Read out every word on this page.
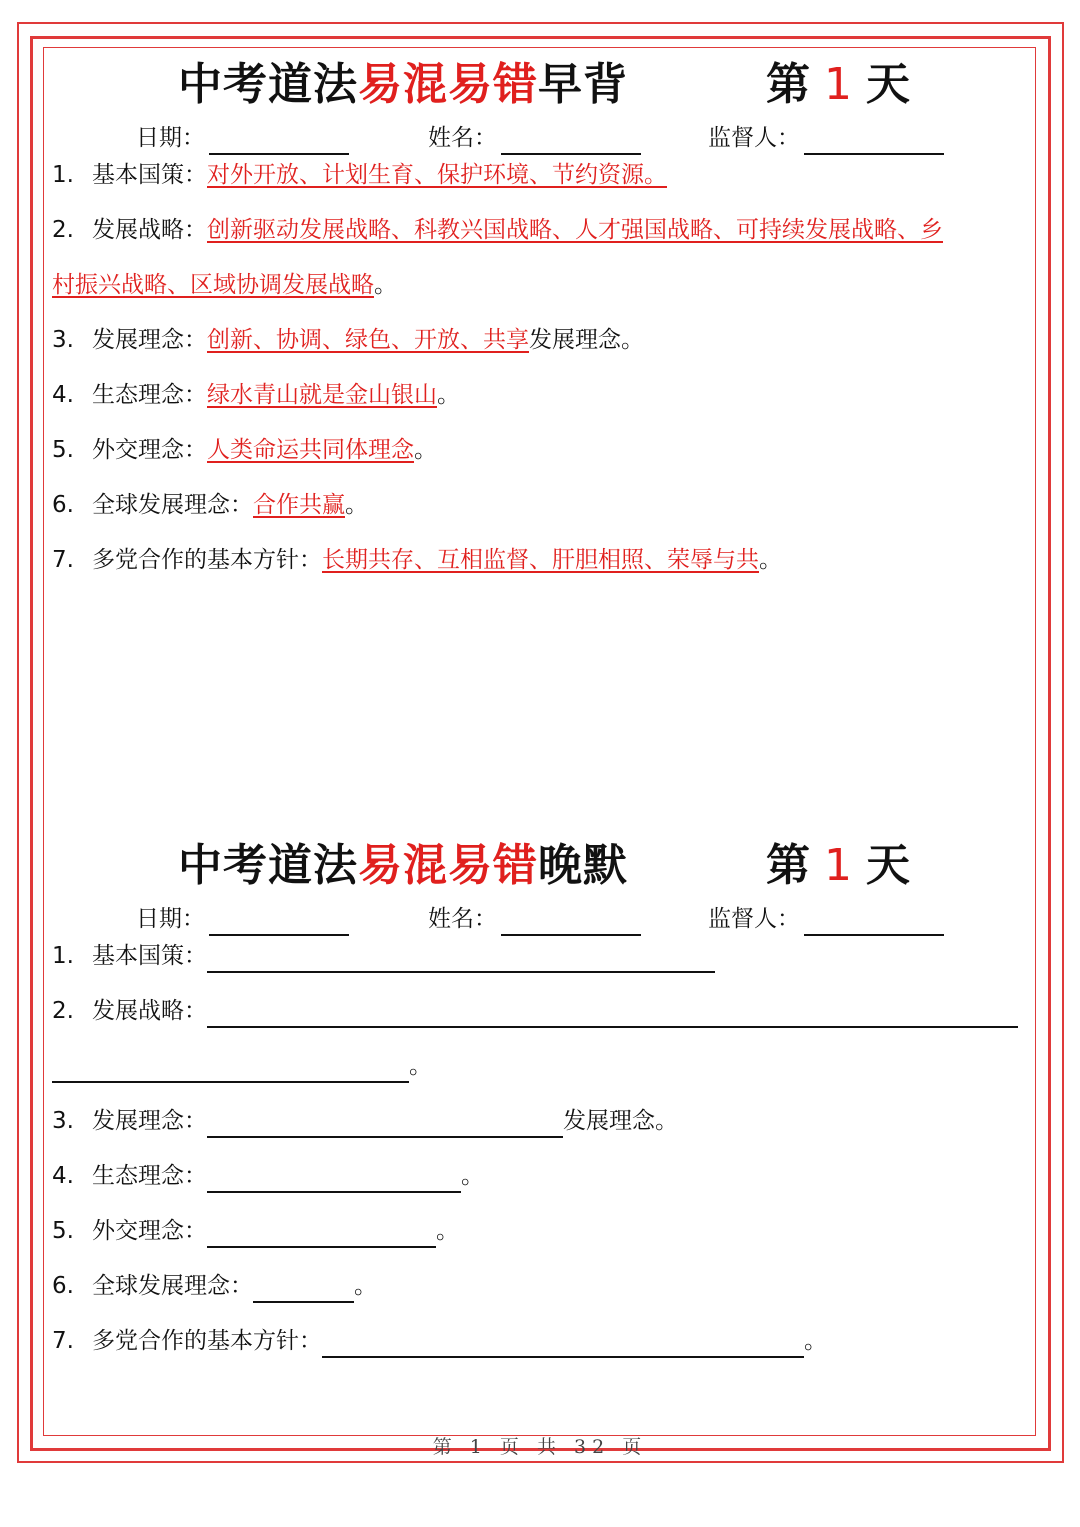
中考道法易混易错早背	第 1 天
日期：	姓名：	监督人：
1. 基本国策：对外开放、计划生育、保护环境、节约资源。
2. 发展战略：创新驱动发展战略、科教兴国战略、人才强国战略、可持续发展战略、乡
村振兴战略、区域协调发展战略。
3. 发展理念：创新、协调、绿色、开放、共享发展理念。
4. 生态理念：绿水青山就是金山银山。
5. 外交理念：人类命运共同体理念。
6. 全球发展理念：合作共赢。
7. 多党合作的基本方针：长期共存、互相监督、肝胆相照、荣辱与共。
中考道法易混易错晚默	第 1 天
日期：	姓名：	监督人：
1. 基本国策：
2. 发展战略：
。
3. 发展理念：	发展理念。
4. 生态理念：	。
5. 外交理念：	。
6. 全球发展理念：	。
7. 多党合作的基本方针：	。
第 1 页 共 32 页
